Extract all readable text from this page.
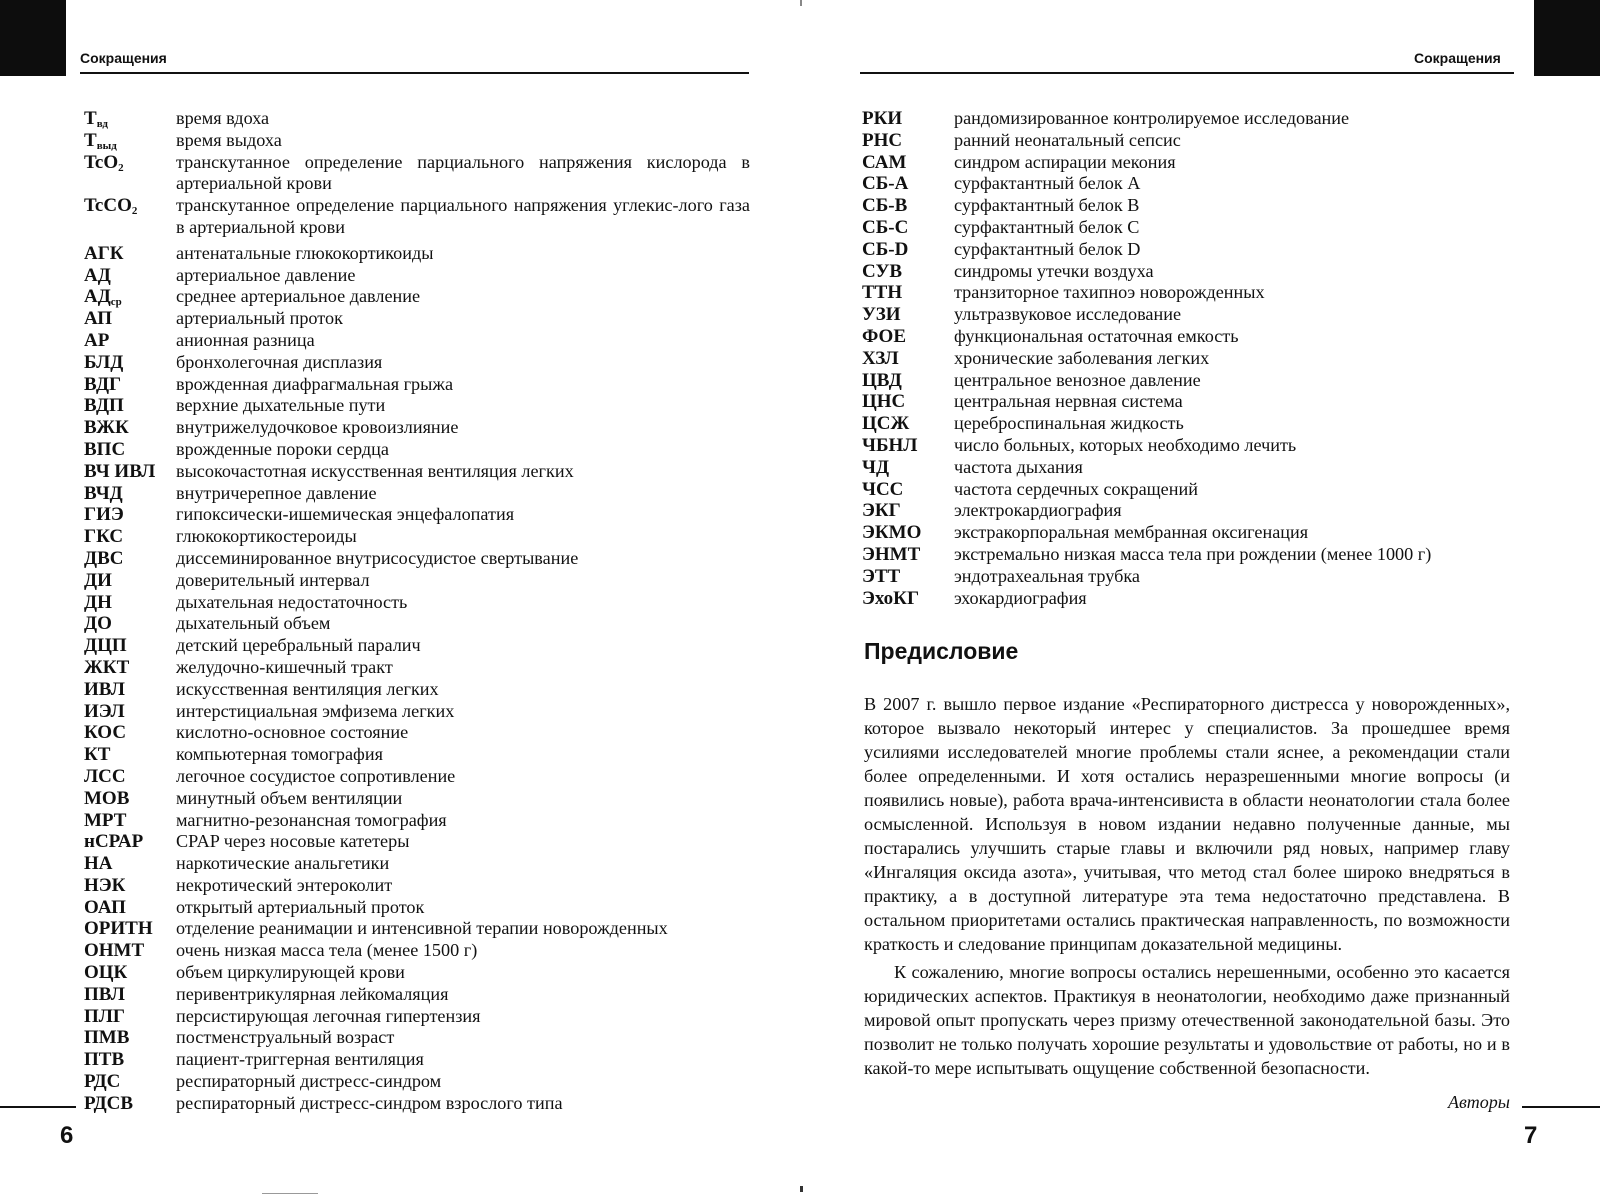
Сокращения	Сокращения
$Т_{вд}$	время вдоха
$Т_{выд}$	время выдоха
TcO$_2$	транскутанное определение парциального напряжения кислорода в артериальной крови
TcCO$_2$	транскутанное определение парциального напряжения углекис-лого газа в артериальной крови
АГК	антенатальные глюкокортикоиды
АД	артериальное давление
$АД_{ср}$	среднее артериальное давление
АП	артериальный проток
АР	анионная разница
БЛД	бронхолегочная дисплазия
ВДГ	врожденная диафрагмальная грыжа
ВДП	верхние дыхательные пути
ВЖК	внутрижелудочковое кровоизлияние
ВПС	врожденные пороки сердца
ВЧ ИВЛ	высокочастотная искусственная вентиляция легких
ВЧД	внутричерепное давление
ГИЭ	гипоксически-ишемическая энцефалопатия
ГКС	глюкокортикостероиды
ДВС	диссеминированное внутрисосудистое свертывание
ДИ	доверительный интервал
ДН	дыхательная недостаточность
ДО	дыхательный объем
ДЦП	детский церебральный паралич
ЖКТ	желудочно-кишечный тракт
ИВЛ	искусственная вентиляция легких
ИЭЛ	интерстициальная эмфизема легких
КОС	кислотно-основное состояние
КТ	компьютерная томография
ЛСС	легочное сосудистое сопротивление
МОВ	минутный объем вентиляции
МРТ	магнитно-резонансная томография
нСРАР	CPAP через носовые катетеры
НА	наркотические анальгетики
НЭК	некротический энтероколит
ОАП	открытый артериальный проток
ОРИТН	отделение реанимации и интенсивной терапии новорожденных
ОНМТ	очень низкая масса тела (менее 1500 г)
ОЦК	объем циркулирующей крови
ПВЛ	перивентрикулярная лейкомаляция
ПЛГ	персистирующая легочная гипертензия
ПМВ	постменструальный возраст
ПТВ	пациент-триггерная вентиляция
РДС	респираторный дистресс-синдром
РДСВ	респираторный дистресс-синдром взрослого типа
РКИ	рандомизированное контролируемое исследование
РНС	ранний неонатальный сепсис
САМ	синдром аспирации мекония
СБ-А	сурфактантный белок А
СБ-В	сурфактантный белок В
СБ-С	сурфактантный белок С
СБ-D	сурфактантный белок D
СУВ	синдромы утечки воздуха
ТТН	транзиторное тахипноэ новорожденных
УЗИ	ультразвуковое исследование
ФОЕ	функциональная остаточная емкость
ХЗЛ	хронические заболевания легких
ЦВД	центральное венозное давление
ЦНС	центральная нервная система
ЦСЖ	цереброспинальная жидкость
ЧБНЛ	число больных, которых необходимо лечить
ЧД	частота дыхания
ЧСС	частота сердечных сокращений
ЭКГ	электрокардиография
ЭКМО	экстракорпоральная мембранная оксигенация
ЭНМТ	экстремально низкая масса тела при рождении (менее 1000 г)
ЭТТ	эндотрахеальная трубка
ЭхоКГ	эхокардиография
Предисловие

В 2007 г. вышло первое издание «Респираторного дистресса у новорожденных», которое вызвало некоторый интерес у специалистов. За прошедшее время усилиями исследователей многие проблемы стали яснее, а рекомендации стали более определенными. И хотя остались неразрешенными многие вопросы (и появились новые), работа врача-интенсивиста в области неонатологии стала более осмысленной. Используя в новом издании недавно полученные данные, мы постарались улучшить старые главы и включили ряд новых, например главу «Ингаляция оксида азота», учитывая, что метод стал более широко внедряться в практику, а в доступной литературе эта тема недостаточно представлена. В остальном приоритетами остались практическая направленность, по возможности краткость и следование принципам доказательной медицины.

К сожалению, многие вопросы остались нерешенными, особенно это касается юридических аспектов. Практикуя в неонатологии, необходимо даже признанный мировой опыт пропускать через призму отечественной законодательной базы. Это позволит не только получать хорошие результаты и удовольствие от работы, но и в какой-то мере испытывать ощущение собственной безопасности.

Авторы
6	7
